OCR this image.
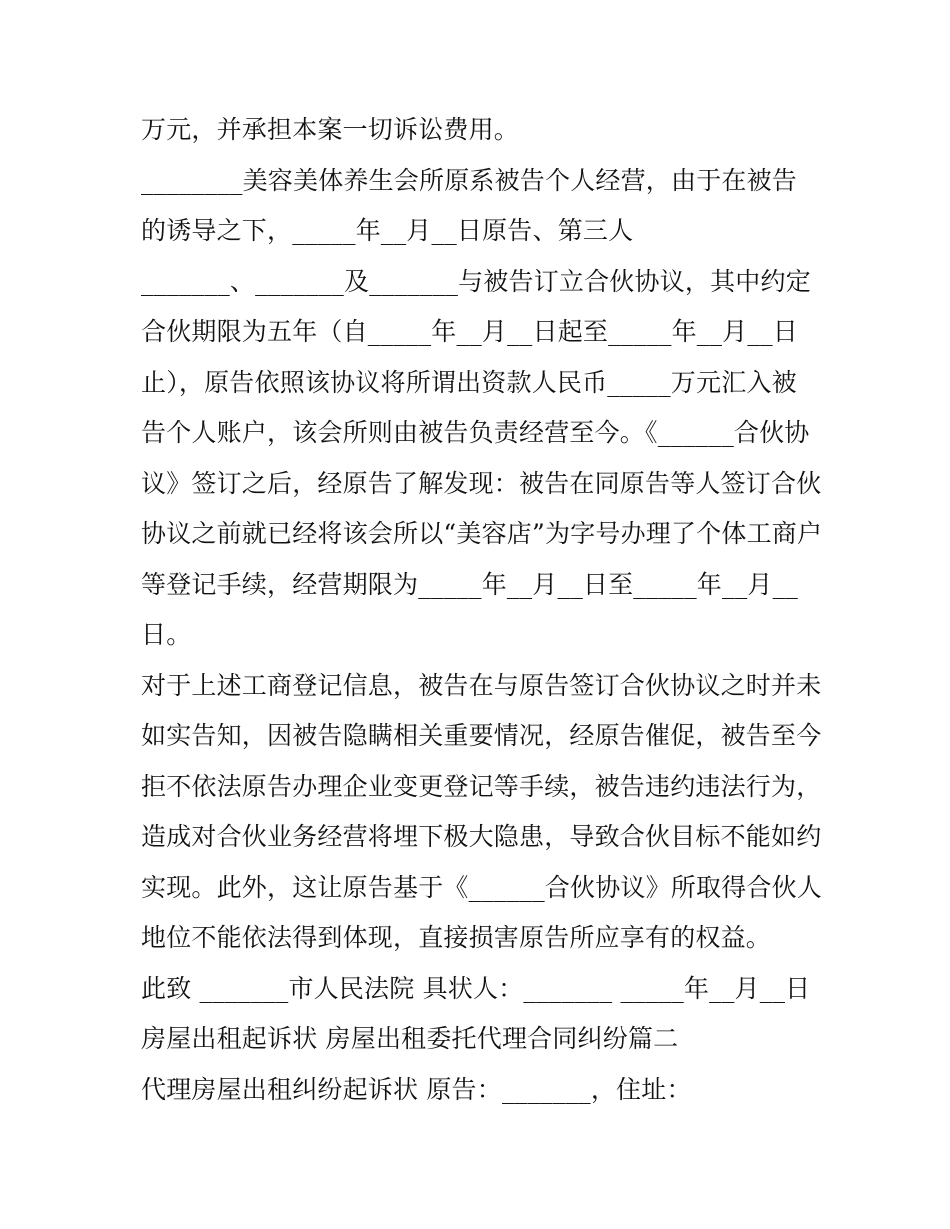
万元，并承担本案一切诉讼费用。
________美容美体养生会所原系被告个人经营，由于在被告
的诱导之下，_____年__月__日原告、第三人
_______、_______及_______与被告订立合伙协议，其中约定
合伙期限为五年（自_____年__月__日起至_____年__月__日
止），原告依照该协议将所谓出资款人民币_____万元汇入被
告个人账户，该会所则由被告负责经营至今。《______合伙协
议》签订之后，经原告了解发现：被告在同原告等人签订合伙
协议之前就已经将该会所以“美容店”为字号办理了个体工商户
等登记手续，经营期限为_____年__月__日至_____年__月__
日。
对于上述工商登记信息，被告在与原告签订合伙协议之时并未
如实告知，因被告隐瞒相关重要情况，经原告催促，被告至今
拒不依法原告办理企业变更登记等手续，被告违约违法行为，
造成对合伙业务经营将埋下极大隐患，导致合伙目标不能如约
实现。此外，这让原告基于《______合伙协议》所取得合伙人
地位不能依法得到体现，直接损害原告所应享有的权益。
此致 _______市人民法院 具状人：_______ _____年__月__日
房屋出租起诉状 房屋出租委托代理合同纠纷篇二
代理房屋出租纠纷起诉状 原告：_______，住址：
